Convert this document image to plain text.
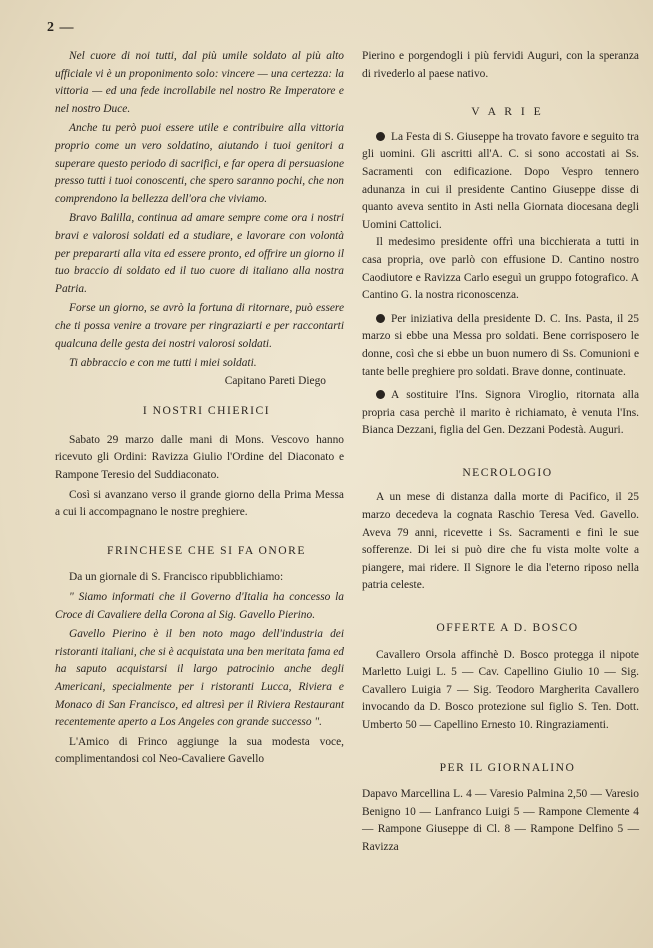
2 —

Nel cuore di noi tutti, dal più umile soldato al più alto ufficiale vi è un proponimento solo: vincere — una certezza: la vittoria — ed una fede incrollabile nel nostro Re Imperatore e nel nostro Duce.

Anche tu però puoi essere utile e contribuire alla vittoria proprio come un vero soldatino, aiutando i tuoi genitori a superare questo periodo di sacrifici, e far opera di persuasione presso tutti i tuoi conoscenti, che spero saranno pochi, che non comprendono la bellezza dell'ora che viviamo.

Bravo Balilla, continua ad amare sempre come ora i nostri bravi e valorosi soldati ed a studiare, e lavorare con volontà per prepararti alla vita ed essere pronto, ed offrire un giorno il tuo braccio di soldato ed il tuo cuore di italiano alla nostra Patria.

Forse un giorno, se avrò la fortuna di ritornare, può essere che ti possa venire a trovare per ringraziarti e per raccontarti qualcuna delle gesta dei nostri valorosi soldati.

Ti abbraccio e con me tutti i miei soldati.

Capitano Pareti Diego

I NOSTRI CHIERICI

Sabato 29 marzo dalle mani di Mons. Vescovo hanno ricevuto gli Ordini: Ravizza Giulio l'Ordine del Diaconato e Rampone Teresio del Suddiaconato.

Così si avanzano verso il grande giorno della Prima Messa a cui li accompagnano le nostre preghiere.

FRINCHESE CHE SI FA ONORE

Da un giornale di S. Francisco ripubblichiamo:

" Siamo informati che il Governo d'Italia ha concesso la Croce di Cavaliere della Corona al Sig. Gavello Pierino.

Gavello Pierino è il ben noto mago dell'industria dei ristoranti italiani, che si è acquistata una ben meritata fama ed ha saputo acquistarsi il largo patrocinio anche degli Americani, specialmente per i ristoranti Lucca, Riviera e Monaco di San Francisco, ed altresì per il Riviera Restaurant recentemente aperto a Los Angeles con grande successo ".

L'Amico di Frinco aggiunge la sua modesta voce, complimentandosi col Neo-Cavaliere Gavello

Pierino e porgendogli i più fervidi Auguri, con la speranza di rivederlo al paese nativo.

V A R I E

La Festa di S. Giuseppe ha trovato favore e seguito tra gli uomini. Gli ascritti all'A. C. si sono accostati ai Ss. Sacramenti con edificazione. Dopo Vespro tennero adunanza in cui il presidente Cantino Giuseppe disse di quanto aveva sentito in Asti nella Giornata diocesana degli Uomini Cattolici.

Il medesimo presidente offrì una bicchierata a tutti in casa propria, ove parlò con effusione D. Cantino nostro Caodiutore e Ravizza Carlo eseguì un gruppo fotografico. A Cantino G. la nostra riconoscenza.

Per iniziativa della presidente D. C. Ins. Pasta, il 25 marzo si ebbe una Messa pro soldati. Bene corrisposero le donne, così che si ebbe un buon numero di Ss. Comunioni e tante belle preghiere pro soldati. Brave donne, continuate.

A sostituire l'Ins. Signora Viroglio, ritornata alla propria casa perchè il marito è richiamato, è venuta l'Ins. Bianca Dezzani, figlia del Gen. Dezzani Podestà. Auguri.

NECROLOGIO

A un mese di distanza dalla morte di Pacifico, il 25 marzo decedeva la cognata Raschio Teresa Ved. Gavello. Aveva 79 anni, ricevette i Ss. Sacramenti e finì le sue sofferenze. Di lei si può dire che fu vista molte volte a piangere, mai ridere. Il Signore le dia l'eterno riposo nella patria celeste.

OFFERTE A D. BOSCO

Cavallero Orsola affinchè D. Bosco protegga il nipote Marletto Luigi L. 5 — Cav. Capellino Giulio 10 — Sig. Cavallero Luigia 7 — Sig. Teodoro Margherita Cavallero invocando da D. Bosco protezione sul figlio S. Ten. Dott. Umberto 50 — Capellino Ernesto 10. Ringraziamenti.

PER IL GIORNALINO

Dapavo Marcellina L. 4 — Varesio Palmina 2,50 — Varesio Benigno 10 — Lanfranco Luigi 5 — Rampone Clemente 4 — Rampone Giuseppe di Cl. 8 — Rampone Delfino 5 — Ravizza
